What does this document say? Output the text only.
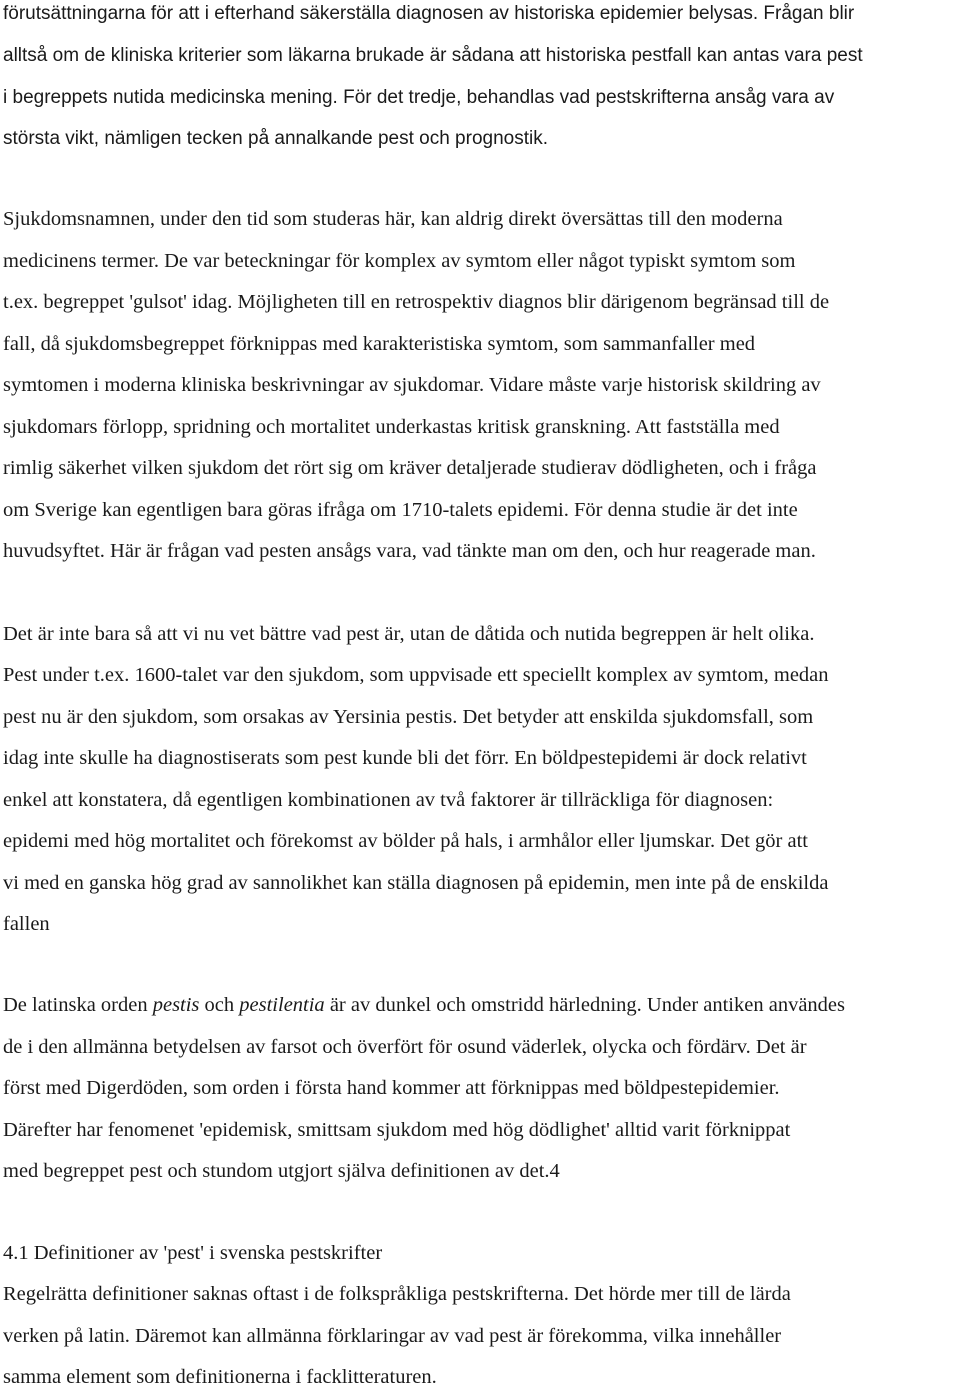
förutsättningarna för att i efterhand säkerställa diagnosen av historiska epidemier belysas. Frågan blir
alltså om de kliniska kriterier som läkarna brukade är sådana att historiska pestfall kan antas vara pest
i begreppets nutida medicinska mening. För det tredje, behandlas vad pestskrifterna ansåg vara av
största vikt, nämligen tecken på annalkande pest och prognostik.
Sjukdomsnamnen, under den tid som studeras här, kan aldrig direkt översättas till den moderna
medicinens termer. De var beteckningar för komplex av symtom eller något typiskt symtom som
t.ex. begreppet 'gulsot' idag. Möjligheten till en retrospektiv diagnos blir därigenom begränsad till de
fall, då sjukdomsbegreppet förknippas med karakteristiska symtom, som sammanfaller med
symtomen i moderna kliniska beskrivningar av sjukdomar. Vidare måste varje historisk skildring av
sjukdomars förlopp, spridning och mortalitet underkastas kritisk granskning. Att fastställa med
rimlig säkerhet vilken sjukdom det rört sig om kräver detaljerade studierav dödligheten, och i fråga
om Sverige kan egentligen bara göras ifråga om 1710-talets epidemi. För denna studie är det inte
huvudsyftet. Här är frågan vad pesten ansågs vara, vad tänkte man om den, och hur reagerade man.
Det är inte bara så att vi nu vet bättre vad pest är, utan de dåtida och nutida begreppen är helt olika.
Pest under t.ex. 1600-talet var den sjukdom, som uppvisade ett speciellt komplex av symtom, medan
pest nu är den sjukdom, som orsakas av Yersinia pestis. Det betyder att enskilda sjukdomsfall, som
idag inte skulle ha diagnostiserats som pest kunde bli det förr. En böldpestepidemi är dock relativt
enkel att konstatera, då egentligen kombinationen av två faktorer är tillräckliga för diagnosen:
epidemi med hög mortalitet och förekomst av bölder på hals, i armhålor eller ljumskar. Det gör att
vi med en ganska hög grad av sannolikhet kan ställa diagnosen på epidemin, men inte på de enskilda
fallen
De latinska orden pestis och pestilentia är av dunkel och omstridd härledning. Under antiken användes
de i den allmänna betydelsen av farsot och överfört för osund väderlek, olycka och fördärv. Det är
först med Digerdöden, som orden i första hand kommer att förknippas med böldpestepidemier.
Därefter har fenomenet 'epidemisk, smittsam sjukdom med hög dödlighet' alltid varit förknippat
med begreppet pest och stundom utgjort själva definitionen av det.4
4.1 Definitioner av 'pest' i svenska pestskrifter
Regelrätta definitioner saknas oftast i de folkspråkliga pestskrifterna. Det hörde mer till de lärda
verken på latin. Däremot kan allmänna förklaringar av vad pest är förekomma, vilka innehåller
samma element som definitionerna i facklitteraturen.
